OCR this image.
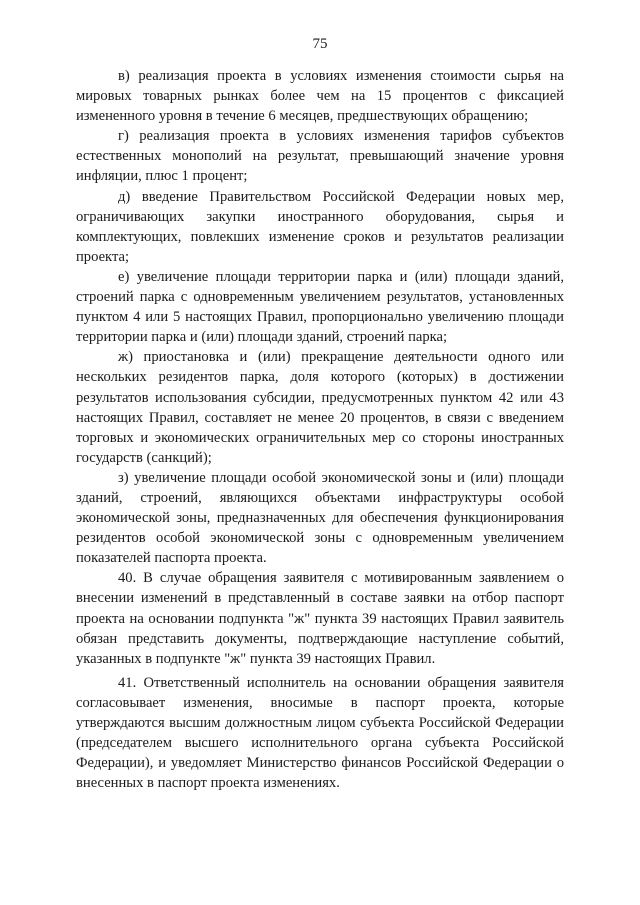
75

в) реализация проекта в условиях изменения стоимости сырья на мировых товарных рынках более чем на 15 процентов с фиксацией измененного уровня в течение 6 месяцев, предшествующих обращению;

г) реализация проекта в условиях изменения тарифов субъектов естественных монополий на результат, превышающий значение уровня инфляции, плюс 1 процент;

д) введение Правительством Российской Федерации новых мер, ограничивающих закупки иностранного оборудования, сырья и комплектующих, повлекших изменение сроков и результатов реализации проекта;

е) увеличение площади территории парка и (или) площади зданий, строений парка с одновременным увеличением результатов, установленных пунктом 4 или 5 настоящих Правил, пропорционально увеличению площади территории парка и (или) площади зданий, строений парка;

ж) приостановка и (или) прекращение деятельности одного или нескольких резидентов парка, доля которого (которых) в достижении результатов использования субсидии, предусмотренных пунктом 42 или 43 настоящих Правил, составляет не менее 20 процентов, в связи с введением торговых и экономических ограничительных мер со стороны иностранных государств (санкций);

з) увеличение площади особой экономической зоны и (или) площади зданий, строений, являющихся объектами инфраструктуры особой экономической зоны, предназначенных для обеспечения функционирования резидентов особой экономической зоны с одновременным увеличением показателей паспорта проекта.

40. В случае обращения заявителя с мотивированным заявлением о внесении изменений в представленный в составе заявки на отбор паспорт проекта на основании подпункта "ж" пункта 39 настоящих Правил заявитель обязан представить документы, подтверждающие наступление событий, указанных в подпункте "ж" пункта 39 настоящих Правил.

41. Ответственный исполнитель на основании обращения заявителя согласовывает изменения, вносимые в паспорт проекта, которые утверждаются высшим должностным лицом субъекта Российской Федерации (председателем высшего исполнительного органа субъекта Российской Федерации), и уведомляет Министерство финансов Российской Федерации о внесенных в паспорт проекта изменениях.
